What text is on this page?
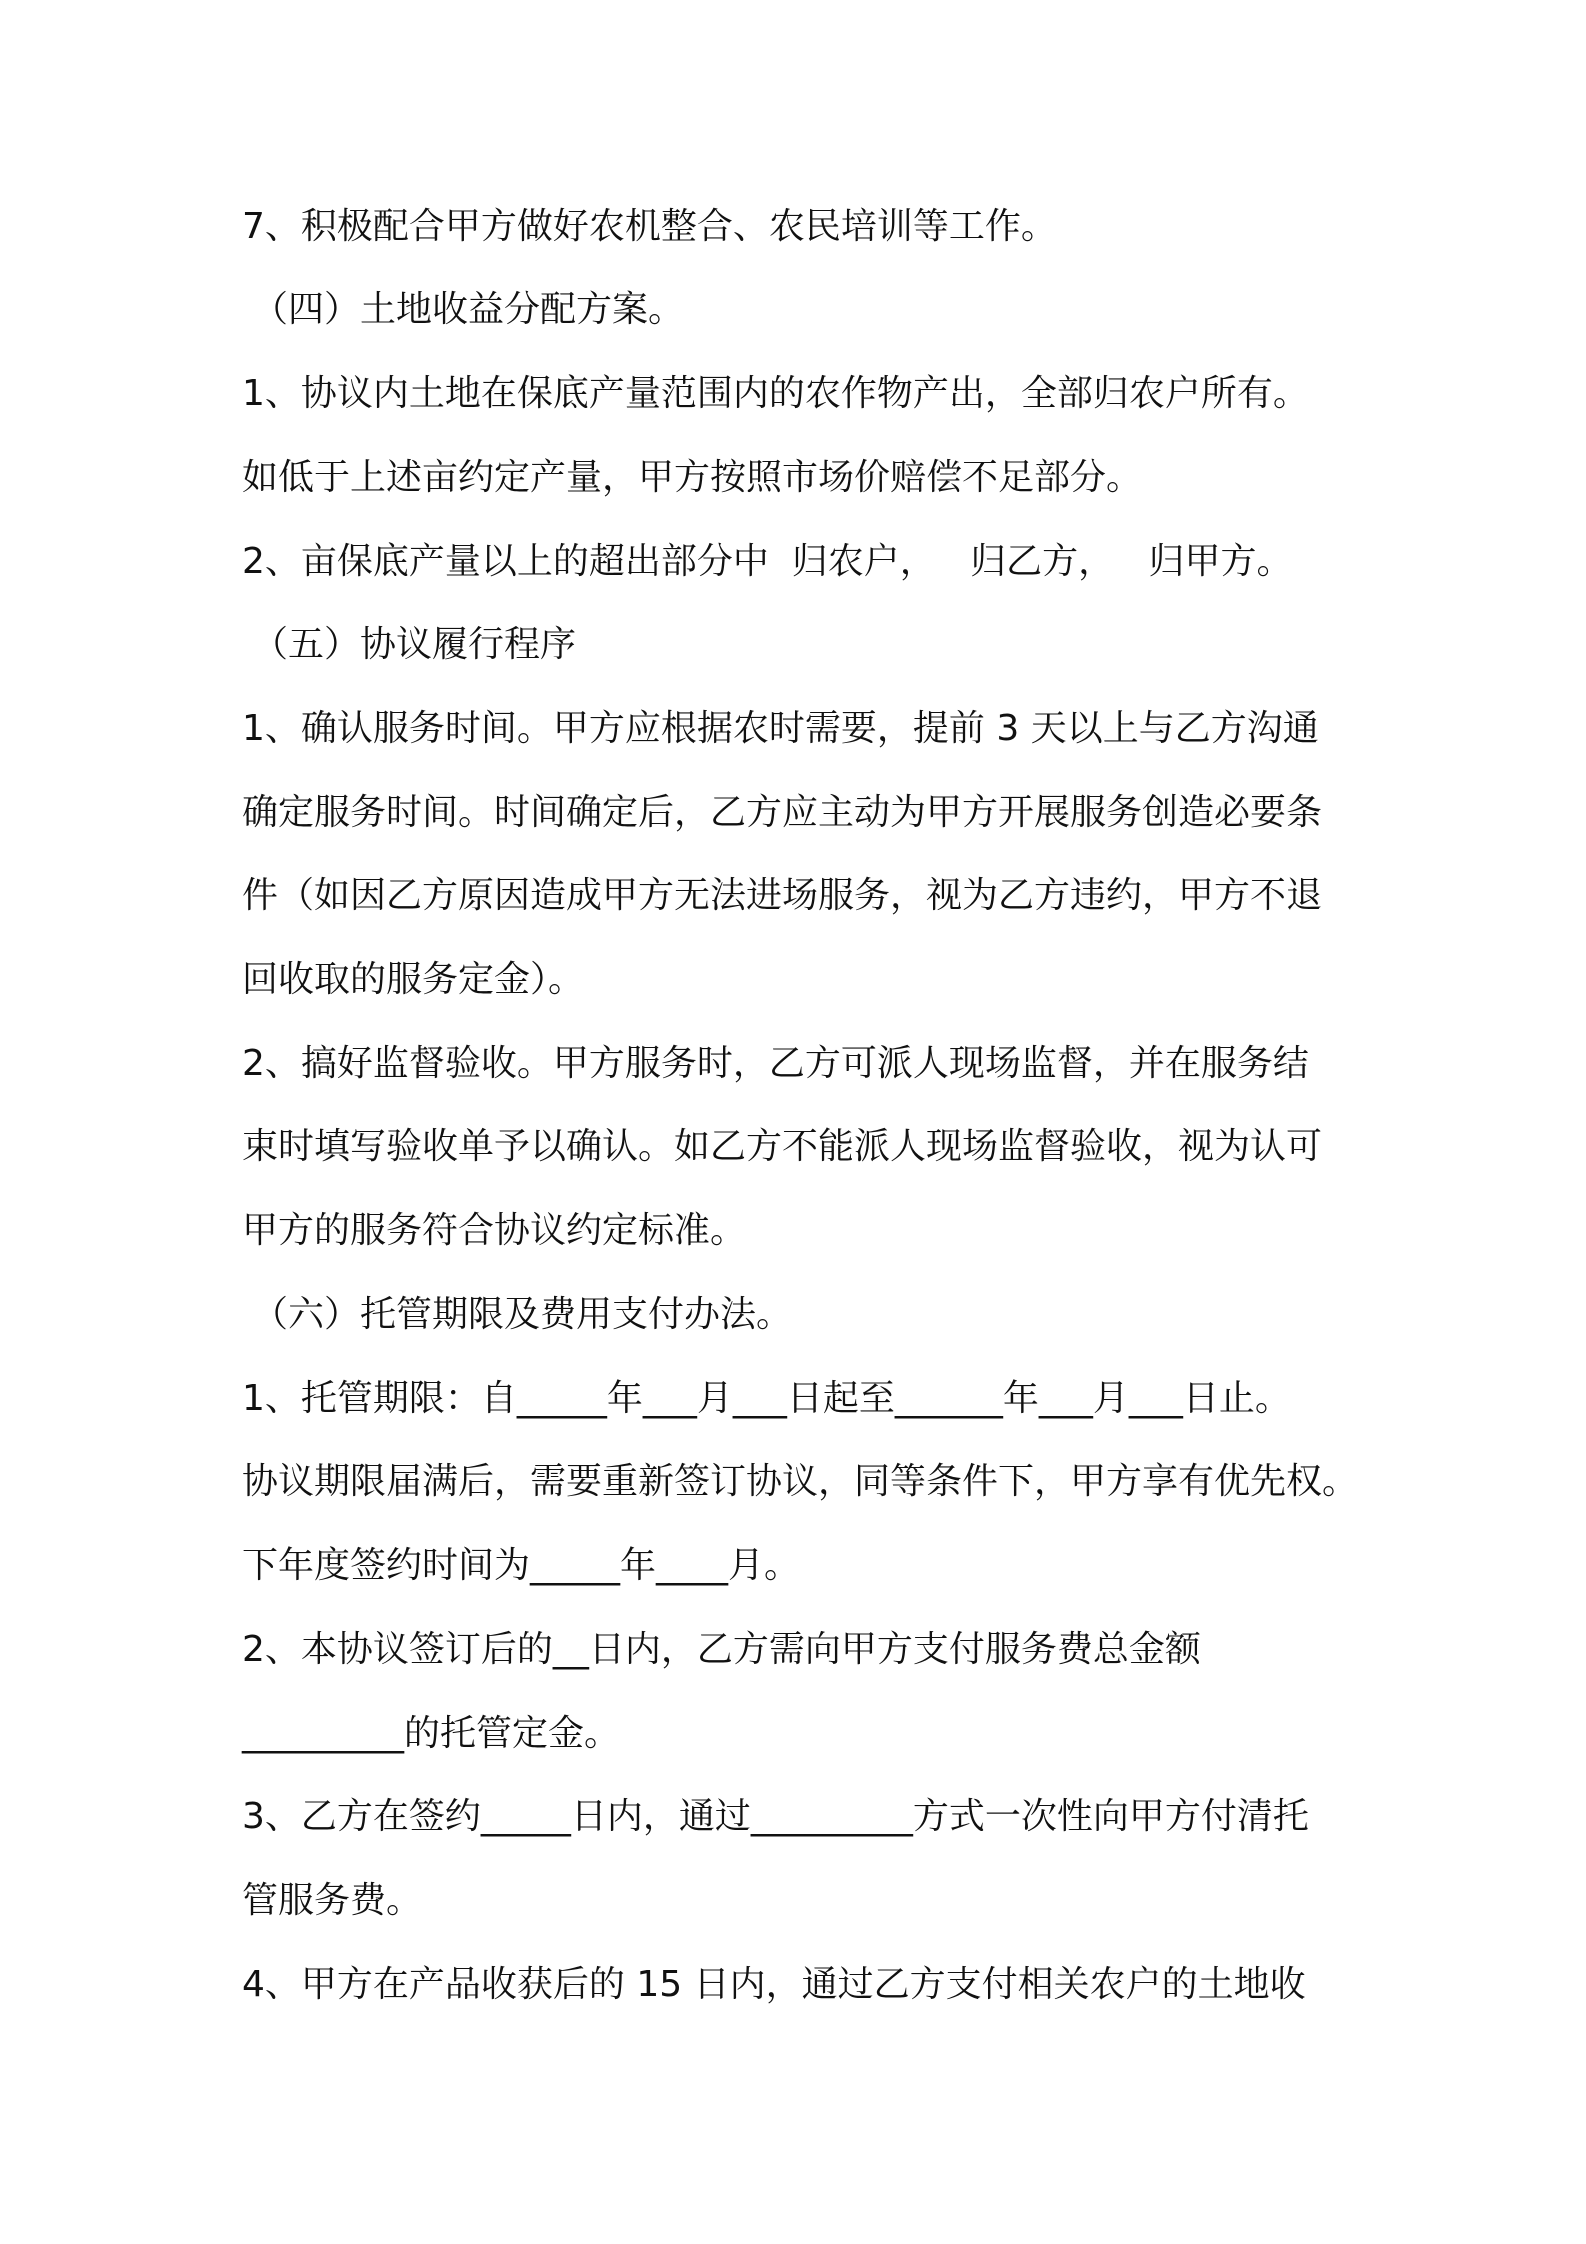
7、积极配合甲方做好农机整合、农民培训等工作。
（四）土地收益分配方案。
1、协议内土地在保底产量范围内的农作物产出，全部归农户所有。
如低于上述亩约定产量，甲方按照市场价赔偿不足部分。
2、亩保底产量以上的超出部分中  归农户，   归乙方，   归甲方。
（五）协议履行程序
1、确认服务时间。甲方应根据农时需要，提前 3 天以上与乙方沟通
确定服务时间。时间确定后，乙方应主动为甲方开展服务创造必要条
件（如因乙方原因造成甲方无法进场服务，视为乙方违约，甲方不退
回收取的服务定金）。
2、搞好监督验收。甲方服务时，乙方可派人现场监督，并在服务结
束时填写验收单予以确认。如乙方不能派人现场监督验收，视为认可
甲方的服务符合协议约定标准。
（六）托管期限及费用支付办法。
1、托管期限：自_____年___月___日起至______年___月___日止。
协议期限届满后，需要重新签订协议，同等条件下，甲方享有优先权。
下年度签约时间为_____年____月。
2、本协议签订后的__日内，乙方需向甲方支付服务费总金额
_________的托管定金。
3、乙方在签约_____日内，通过_________方式一次性向甲方付清托
管服务费。
4、甲方在产品收获后的 15 日内，通过乙方支付相关农户的土地收
